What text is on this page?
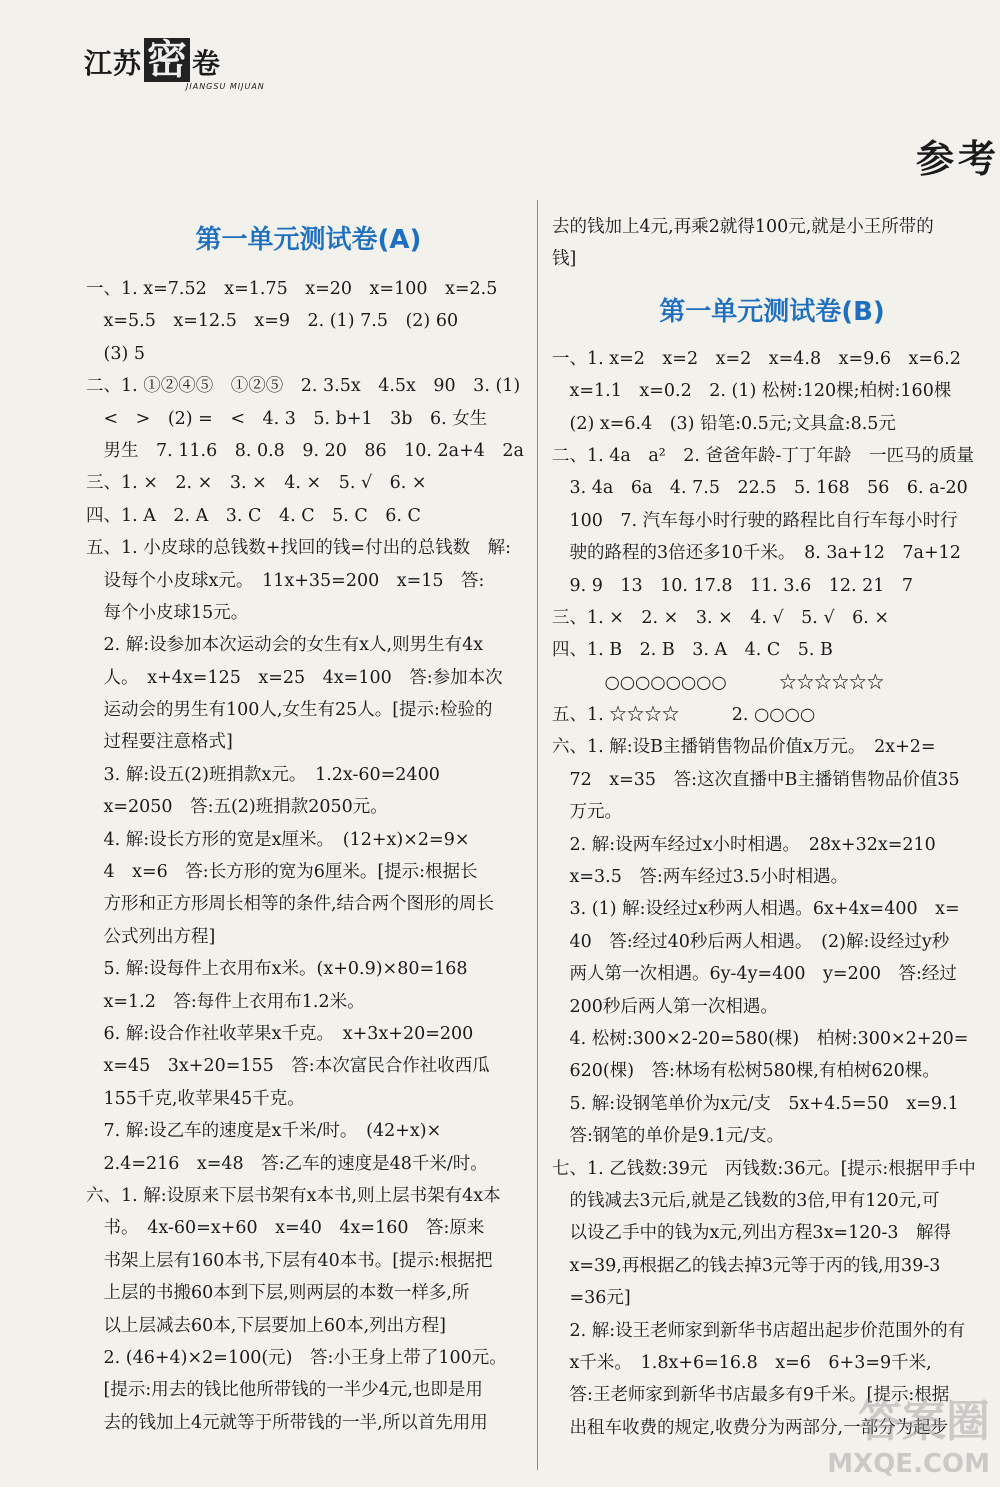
江苏 密 卷
JIANGSU MIJUAN
参考
第一单元测试卷(A)
一、1. x=7.52　x=1.75　x=20　x=100　x=2.5
　x=5.5　x=12.5　x=9　2. (1) 7.5　(2) 60
　(3) 5
二、1. ①②④⑤　①②⑤　2. 3.5x　4.5x　90　3. (1)
　<　>　(2) =　<　4. 3　5. b+1　3b　6. 女生
　男生　7. 11.6　8. 0.8　9. 20　86　10. 2a+4　2a
三、1. ×　2. ×　3. ×　4. ×　5. √　6. ×
四、1. A　2. A　3. C　4. C　5. C　6. C
五、1. 小皮球的总钱数+找回的钱=付出的总钱数　解:
　设每个小皮球x元。　11x+35=200　x=15　答:
　每个小皮球15元。
　2. 解:设参加本次运动会的女生有x人,则男生有4x
　人。　x+4x=125　x=25　4x=100　答:参加本次
　运动会的男生有100人,女生有25人。[提示:检验的
　过程要注意格式]
　3. 解:设五(2)班捐款x元。　1.2x-60=2400
　x=2050　答:五(2)班捐款2050元。
　4. 解:设长方形的宽是x厘米。　(12+x)×2=9×
　4　x=6　答:长方形的宽为6厘米。[提示:根据长
　方形和正方形周长相等的条件,结合两个图形的周长
　公式列出方程]
　5. 解:设每件上衣用布x米。(x+0.9)×80=168
　x=1.2　答:每件上衣用布1.2米。
　6. 解:设合作社收苹果x千克。　x+3x+20=200
　x=45　3x+20=155　答:本次富民合作社收西瓜
　155千克,收苹果45千克。
　7. 解:设乙车的速度是x千米/时。　(42+x)×
　2.4=216　x=48　答:乙车的速度是48千米/时。
六、1. 解:设原来下层书架有x本书,则上层书架有4x本
　书。　4x-60=x+60　x=40　4x=160　答:原来
　书架上层有160本书,下层有40本书。[提示:根据把
　上层的书搬60本到下层,则两层的本数一样多,所
　以上层减去60本,下层要加上60本,列出方程]
　2. (46+4)×2=100(元)　答:小王身上带了100元。
　[提示:用去的钱比他所带钱的一半少4元,也即是用
　去的钱加上4元就等于所带钱的一半,所以首先用用
去的钱加上4元,再乘2就得100元,就是小王所带的
钱]
第一单元测试卷(B)
一、1. x=2　x=2　x=2　x=4.8　x=9.6　x=6.2
　x=1.1　x=0.2　2. (1) 松树:120棵;柏树:160棵
　(2) x=6.4　(3) 铅笔:0.5元;文具盒:8.5元
二、1. 4a　a²　2. 爸爸年龄-丁丁年龄　一匹马的质量
　3. 4a　6a　4. 7.5　22.5　5. 168　56　6. a-20
　100　7. 汽车每小时行驶的路程比自行车每小时行
　驶的路程的3倍还多10千米。　8. 3a+12　7a+12
　9. 9　13　10. 17.8　11. 3.6　12. 21　7
三、1. ×　2. ×　3. ×　4. √　5. √　6. ×
四、1. B　2. B　3. A　4. C　5. B
　　　○○○○○○○○　　　☆☆☆☆☆☆
五、1. ☆☆☆☆　　　2. ○○○○
六、1. 解:设B主播销售物品价值x万元。　2x+2=
　72　x=35　答:这次直播中B主播销售物品价值35
　万元。
　2. 解:设两车经过x小时相遇。　28x+32x=210
　x=3.5　答:两车经过3.5小时相遇。
　3. (1) 解:设经过x秒两人相遇。6x+4x=400　x=
　40　答:经过40秒后两人相遇。　(2)解:设经过y秒
　两人第一次相遇。6y-4y=400　y=200　答:经过
　200秒后两人第一次相遇。
　4. 松树:300×2-20=580(棵)　柏树:300×2+20=
　620(棵)　答:林场有松树580棵,有柏树620棵。
　5. 解:设钢笔单价为x元/支　5x+4.5=50　x=9.1
　答:钢笔的单价是9.1元/支。
七、1. 乙钱数:39元　丙钱数:36元。[提示:根据甲手中
　的钱减去3元后,就是乙钱数的3倍,甲有120元,可
　以设乙手中的钱为x元,列出方程3x=120-3　解得
　x=39,再根据乙的钱去掉3元等于丙的钱,用39-3
　=36元]
　2. 解:设王老师家到新华书店超出起步价范围外的有
　x千米。　1.8x+6=16.8　x=6　6+3=9千米,
　答:王老师家到新华书店最多有9千米。[提示:根据
　出租车收费的规定,收费分为两部分,一部分为起步
答案圈
MXQE.COM
